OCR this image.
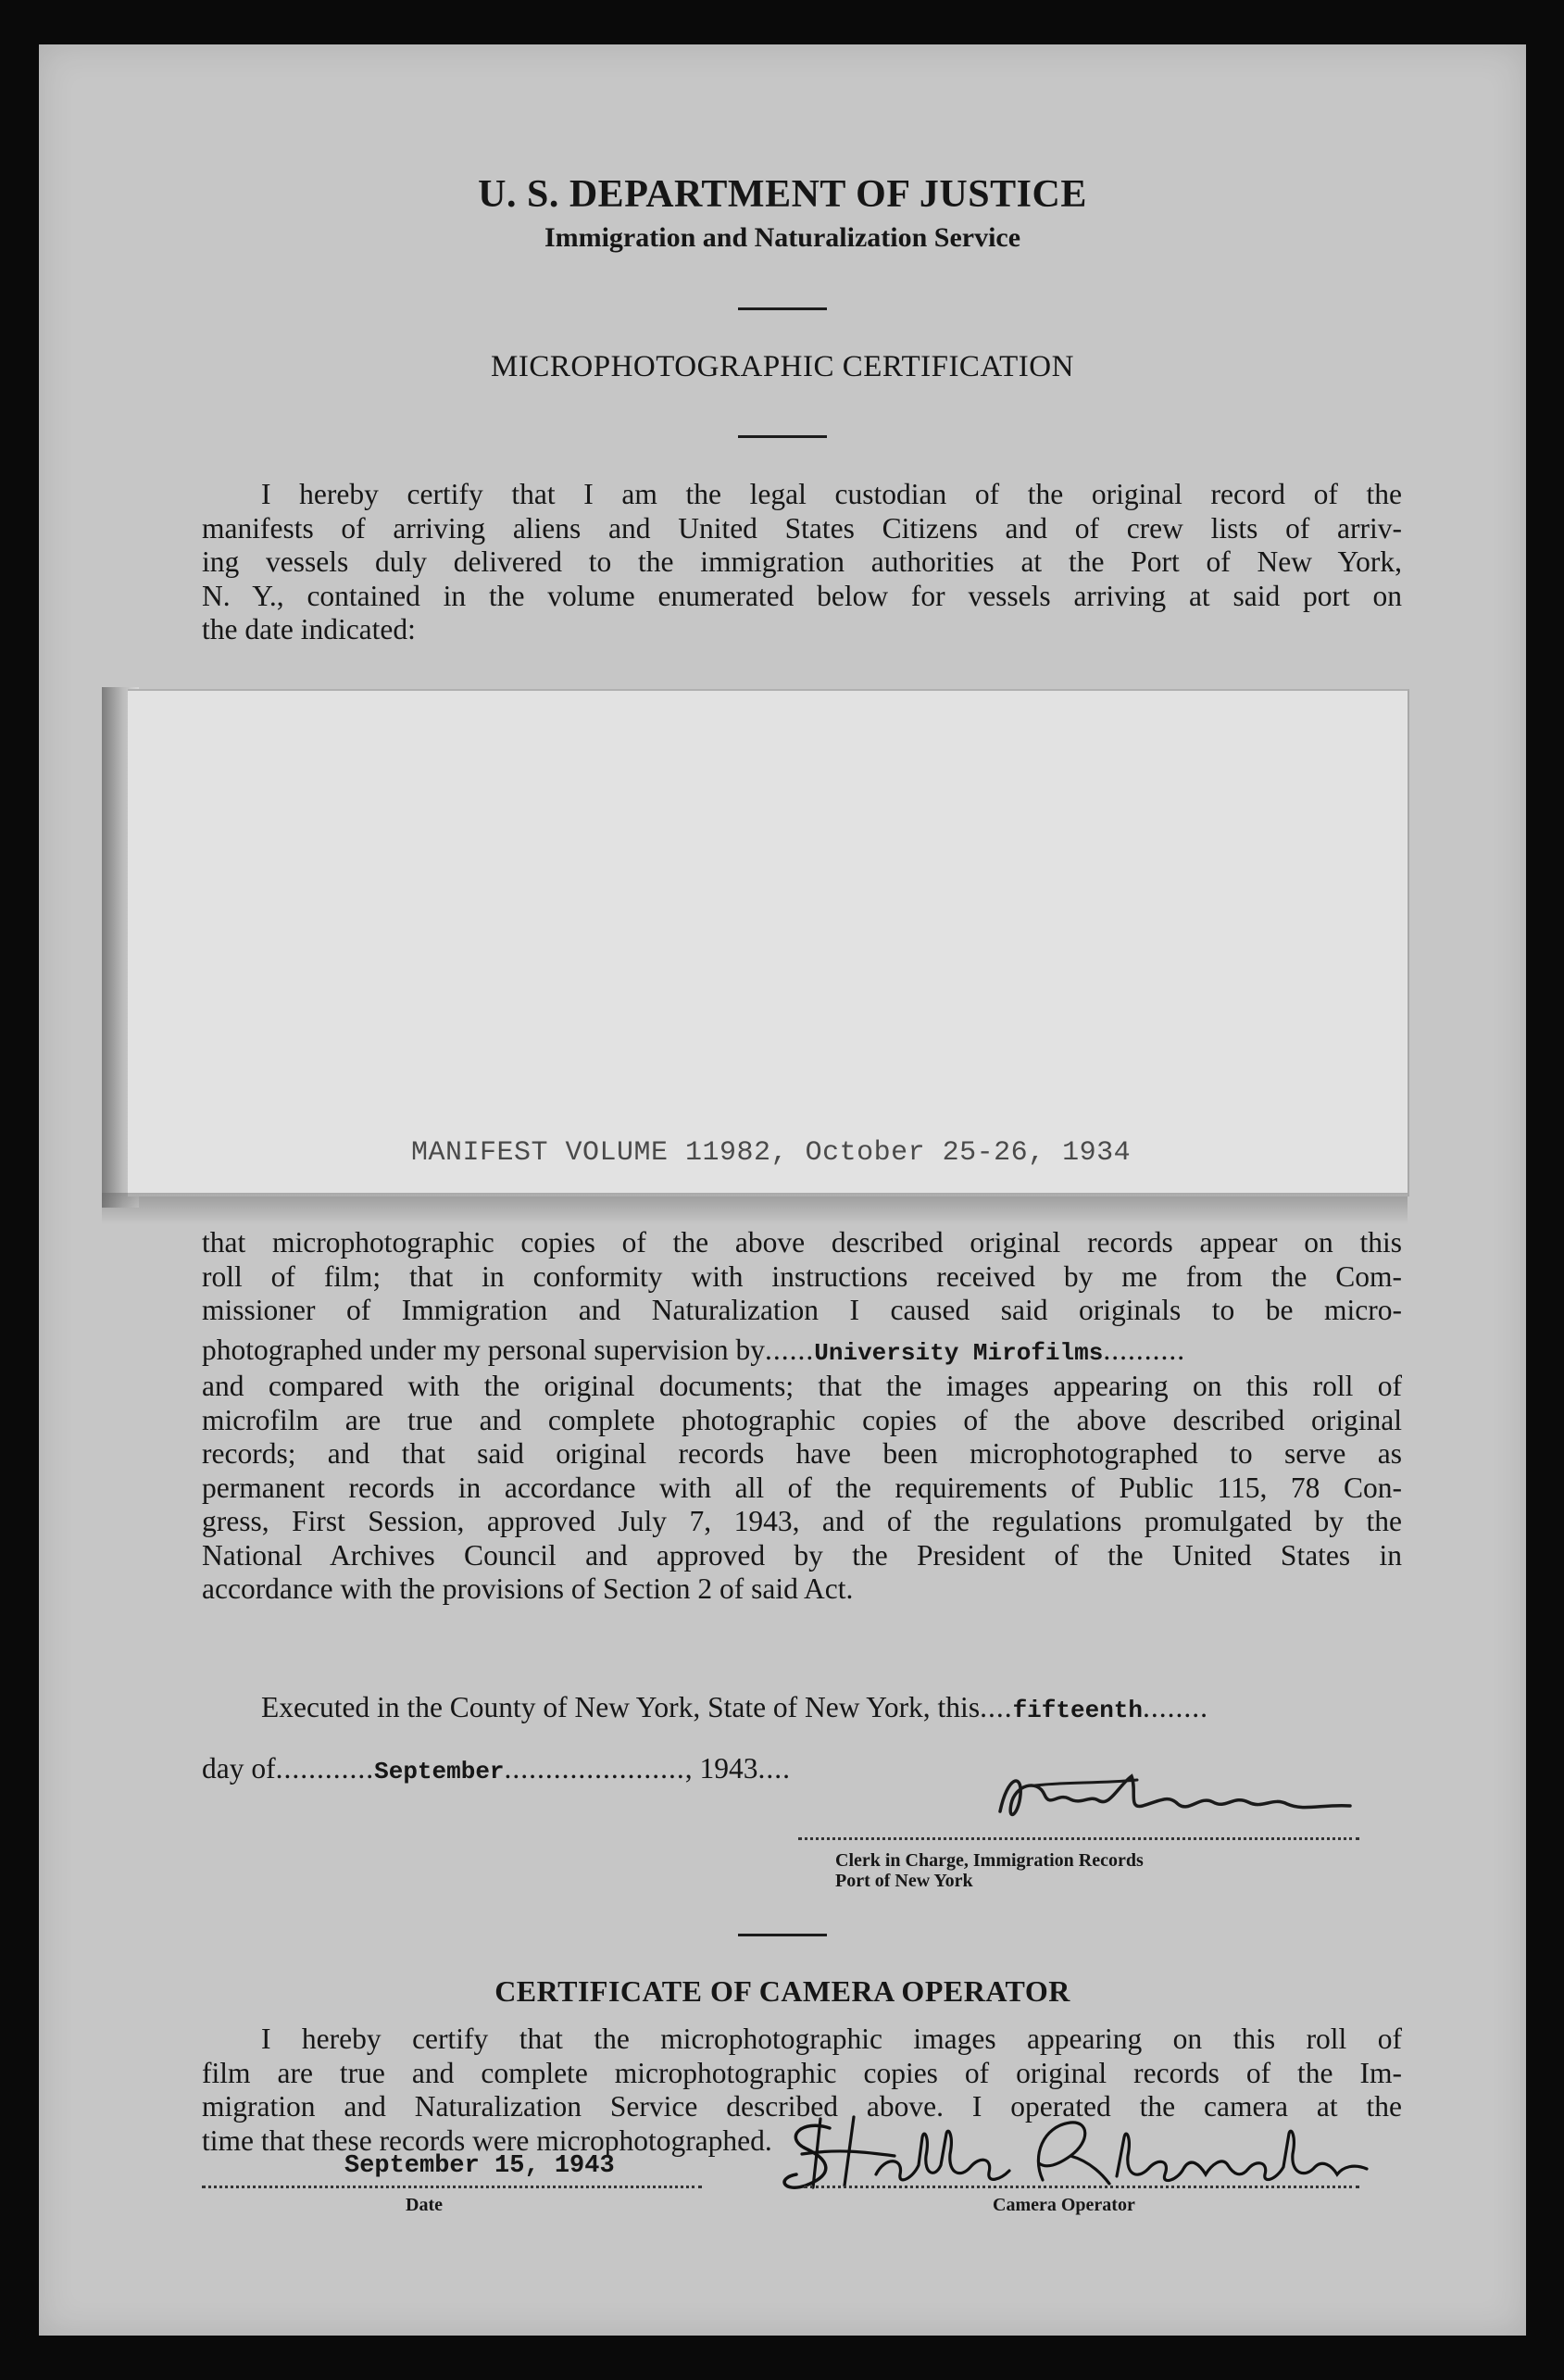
U. S. DEPARTMENT OF JUSTICE
Immigration and Naturalization Service
MICROPHOTOGRAPHIC CERTIFICATION
I hereby certify that I am the legal custodian of the original record of the
manifests of arriving aliens and United States Citizens and of crew lists of arriv-
ing vessels duly delivered to the immigration authorities at the Port of New York,
N. Y., contained in the volume enumerated below for vessels arriving at said port on
the date indicated:
MANIFEST VOLUME 11982, October 25-26, 1934
that microphotographic copies of the above described original records appear on this
roll of film; that in conformity with instructions received by me from the Com-
missioner of Immigration and Naturalization I caused said originals to be micro-
photographed under my personal supervision by......University Mirofilms..........
and compared with the original documents; that the images appearing on this roll of
microfilm are true and complete photographic copies of the above described original
records; and that said original records have been microphotographed to serve as
permanent records in accordance with all of the requirements of Public 115, 78 Con-
gress, First Session, approved July 7, 1943, and of the regulations promulgated by the
National Archives Council and approved by the President of the United States in
accordance with the provisions of Section 2 of said Act.
Executed in the County of New York, State of New York, this....fifteenth........
day of............September......................, 1943....
Clerk in Charge, Immigration Records
Port of New York
CERTIFICATE OF CAMERA OPERATOR
I hereby certify that the microphotographic images appearing on this roll of
film are true and complete microphotographic copies of original records of the Im-
migration and Naturalization Service described above. I operated the camera at the
time that these records were microphotographed.
September 15, 1943
Date	Camera Operator
